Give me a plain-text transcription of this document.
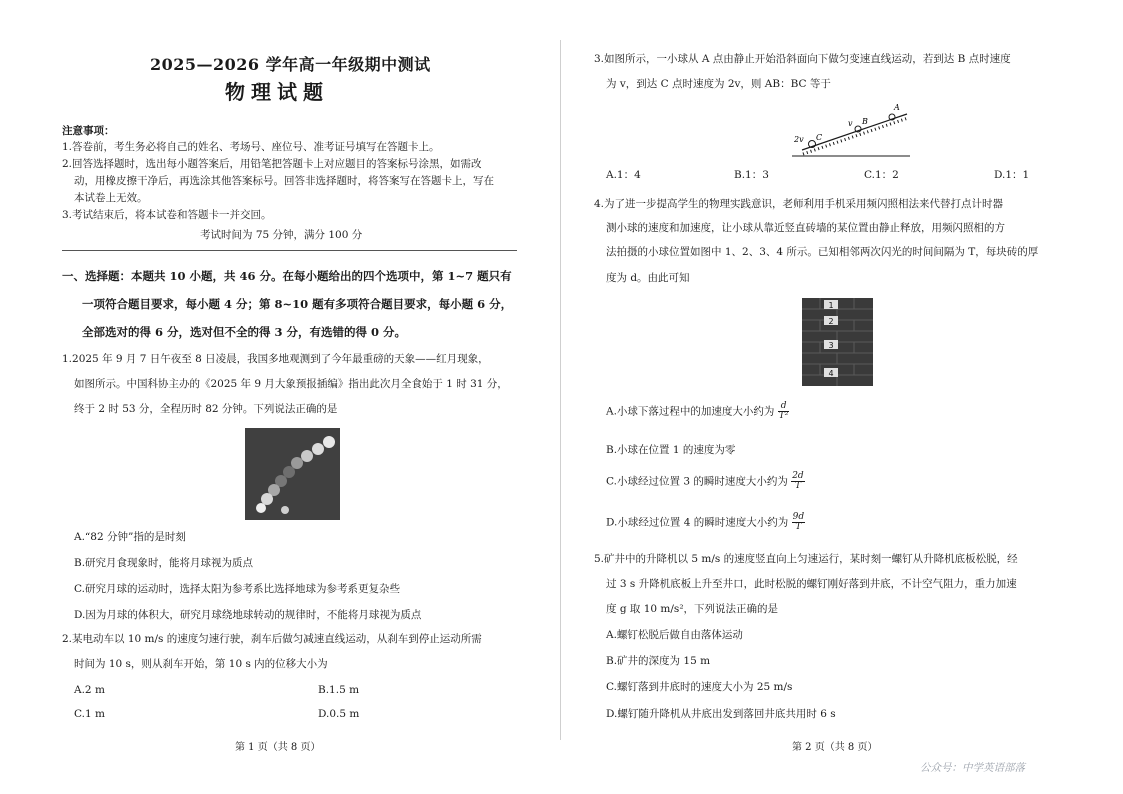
2025—2026 学年高一年级期中测试
物理试题
注意事项：
1.答卷前，考生务必将自己的姓名、考场号、座位号、准考证号填写在答题卡上。
2.回答选择题时，选出每小题答案后，用铅笔把答题卡上对应题目的答案标号涂黑，如需改
动，用橡皮擦干净后，再选涂其他答案标号。回答非选择题时，将答案写在答题卡上，写在
本试卷上无效。
3.考试结束后，将本试卷和答题卡一并交回。
考试时间为 75 分钟，满分 100 分
一、选择题：本题共 10 小题，共 46 分。在每小题给出的四个选项中，第 1~7 题只有
一项符合题目要求，每小题 4 分；第 8~10 题有多项符合题目要求，每小题 6 分，
全部选对的得 6 分，选对但不全的得 3 分，有选错的得 0 分。
1.2025 年 9 月 7 日午夜至 8 日凌晨，我国多地观测到了今年最重磅的天象——红月现象，
如图所示。中国科协主办的《2025 年 9 月大象预报插编》指出此次月全食始于 1 时 31 分，
终于 2 时 53 分，全程历时 82 分钟。下列说法正确的是
A.“82 分钟”指的是时刻
B.研究月食现象时，能将月球视为质点
C.研究月球的运动时，选择太阳为参考系比选择地球为参考系更复杂些
D.因为月球的体积大，研究月球绕地球转动的规律时，不能将月球视为质点
2.某电动车以 10 m/s 的速度匀速行驶，刹车后做匀减速直线运动，从刹车到停止运动所需
时间为 10 s，则从刹车开始，第 10 s 内的位移大小为
A.2 m	B.1.5 m
C.1 m	D.0.5 m
第 1 页（共 8 页）
3.如图所示，一小球从 A 点由静止开始沿斜面向下做匀变速直线运动，若到达 B 点时速度
为 v，到达 C 点时速度为 2v，则 AB：BC 等于
2v C
v B
A
A.1：4	B.1：3	C.1：2	D.1：1
4.为了进一步提高学生的物理实践意识，老师利用手机采用频闪照相法来代替打点计时器
测小球的速度和加速度，让小球从靠近竖直砖墙的某位置由静止释放，用频闪照相的方
法拍摄的小球位置如图中 1、2、3、4 所示。已知相邻两次闪光的时间间隔为 T，每块砖的厚
度为 d。由此可知
1
2
3
4
A.小球下落过程中的加速度大小约为 $\frac{d}{\text{T²}}$
B.小球在位置 1 的速度为零
C.小球经过位置 3 的瞬时速度大小约为 $\frac{2d}{T}$
D.小球经过位置 4 的瞬时速度大小约为 $\frac{9d}{T}$
5.矿井中的升降机以 5 m/s 的速度竖直向上匀速运行，某时刻一螺钉从升降机底板松脱，经
过 3 s 升降机底板上升至井口，此时松脱的螺钉刚好落到井底，不计空气阻力，重力加速
度 g 取 10 m/s²，下列说法正确的是
A.螺钉松脱后做自由落体运动
B.矿井的深度为 15 m
C.螺钉落到井底时的速度大小为 25 m/s
D.螺钉随升降机从井底出发到落回井底共用时 6 s
第 2 页（共 8 页）
公众号：中学英语部落
